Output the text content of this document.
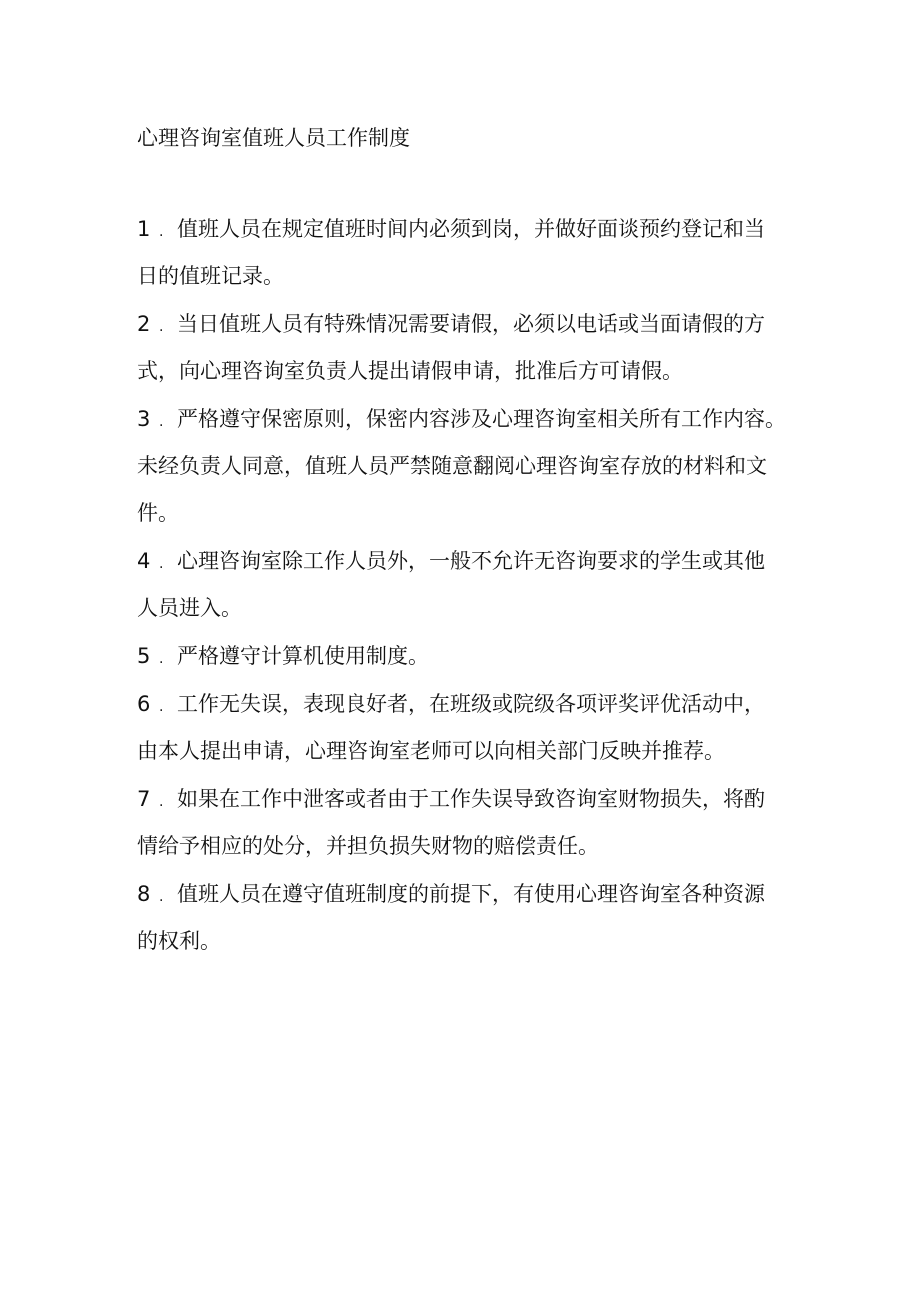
心理咨询室值班人员工作制度
1 . 值班人员在规定值班时间内必须到岗，并做好面谈预约登记和当
日的值班记录。
2 . 当日值班人员有特殊情况需要请假，必须以电话或当面请假的方
式，向心理咨询室负责人提出请假申请，批准后方可请假。
3 . 严格遵守保密原则，保密内容涉及心理咨询室相关所有工作内容。
未经负责人同意，值班人员严禁随意翻阅心理咨询室存放的材料和文
件。
4 . 心理咨询室除工作人员外，一般不允许无咨询要求的学生或其他
人员进入。
5 . 严格遵守计算机使用制度。
6 . 工作无失误，表现良好者，在班级或院级各项评奖评优活动中，
由本人提出申请，心理咨询室老师可以向相关部门反映并推荐。
7 . 如果在工作中泄客或者由于工作失误导致咨询室财物损失，将酌
情给予相应的处分，并担负损失财物的赔偿责任。
8 . 值班人员在遵守值班制度的前提下，有使用心理咨询室各种资源
的权利。
